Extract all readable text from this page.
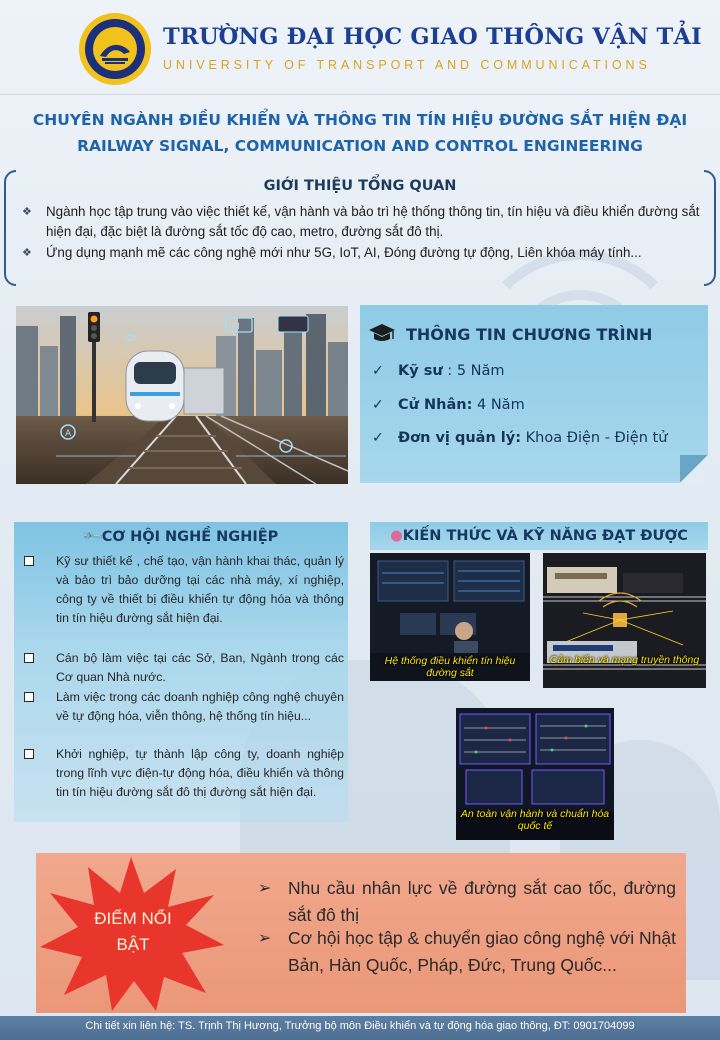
TRƯỜNG ĐẠI HỌC GIAO THÔNG VẬN TẢI
UNIVERSITY OF TRANSPORT AND COMMUNICATIONS
CHUYÊN NGÀNH ĐIỀU KHIỂN VÀ THÔNG TIN TÍN HIỆU ĐƯỜNG SẮT HIỆN ĐẠI
RAILWAY SIGNAL, COMMUNICATION AND CONTROL ENGINEERING
GIỚI THIỆU TỔNG QUAN
❖	Ngành học tập trung vào việc thiết kế, vận hành và bảo trì hệ thống thông tin, tín hiệu và điều khiển đường sắt hiện đại, đặc biệt là đường sắt tốc độ cao, metro, đường sắt đô thị.
❖	Ứng dụng mạnh mẽ các công nghệ mới như 5G, IoT, AI, Đóng đường tự động, Liên khóa máy tính...
A
AI	THÔNG TIN CHƯƠNG TRÌNH
✓ Kỹ sư : 5 Năm
✓ Cử Nhân: 4 Năm
✓ Đơn vị quản lý: Khoa Điện - Điện tử
🔧CƠ HỘI NGHỀ NGHIỆP
Kỹ sư thiết kế , chế tạo, vận hành khai thác, quản lý và bảo trì bảo dưỡng tại các nhà máy, xí nghiệp, công ty về thiết bị điều khiển tự động hóa và thông tin tín hiệu đường sắt hiện đại.
Cán bộ làm việc tại các Sở, Ban, Ngành trong các Cơ quan Nhà nước.
Làm việc trong các doanh nghiệp công nghệ chuyên về tự động hóa, viễn thông, hệ thống tín hiệu...
Khởi nghiệp, tự thành lập công ty, doanh nghiệp trong lĩnh vực điện-tự động hóa, điều khiển và thông tin tín hiệu đường sắt đô thị đường sắt hiện đại.
●KIẾN THỨC VÀ KỸ NĂNG ĐẠT ĐƯỢC
Hệ thống điều khiển tín hiệu đường sắt
Cảm biến và mạng truyền thông
An toàn vận hành và chuẩn hóa quốc tế
ĐIỂM NỔI BẬT
➢ Nhu cầu nhân lực về đường sắt cao tốc, đường sắt đô thị
➢ Cơ hội học tập & chuyển giao công nghệ với Nhật Bản, Hàn Quốc, Pháp, Đức, Trung Quốc...
Chi tiết xin liên hệ: TS. Trịnh Thị Hương, Trưởng bộ môn Điều khiển và tự động hóa giao thông, ĐT: 0901704099
